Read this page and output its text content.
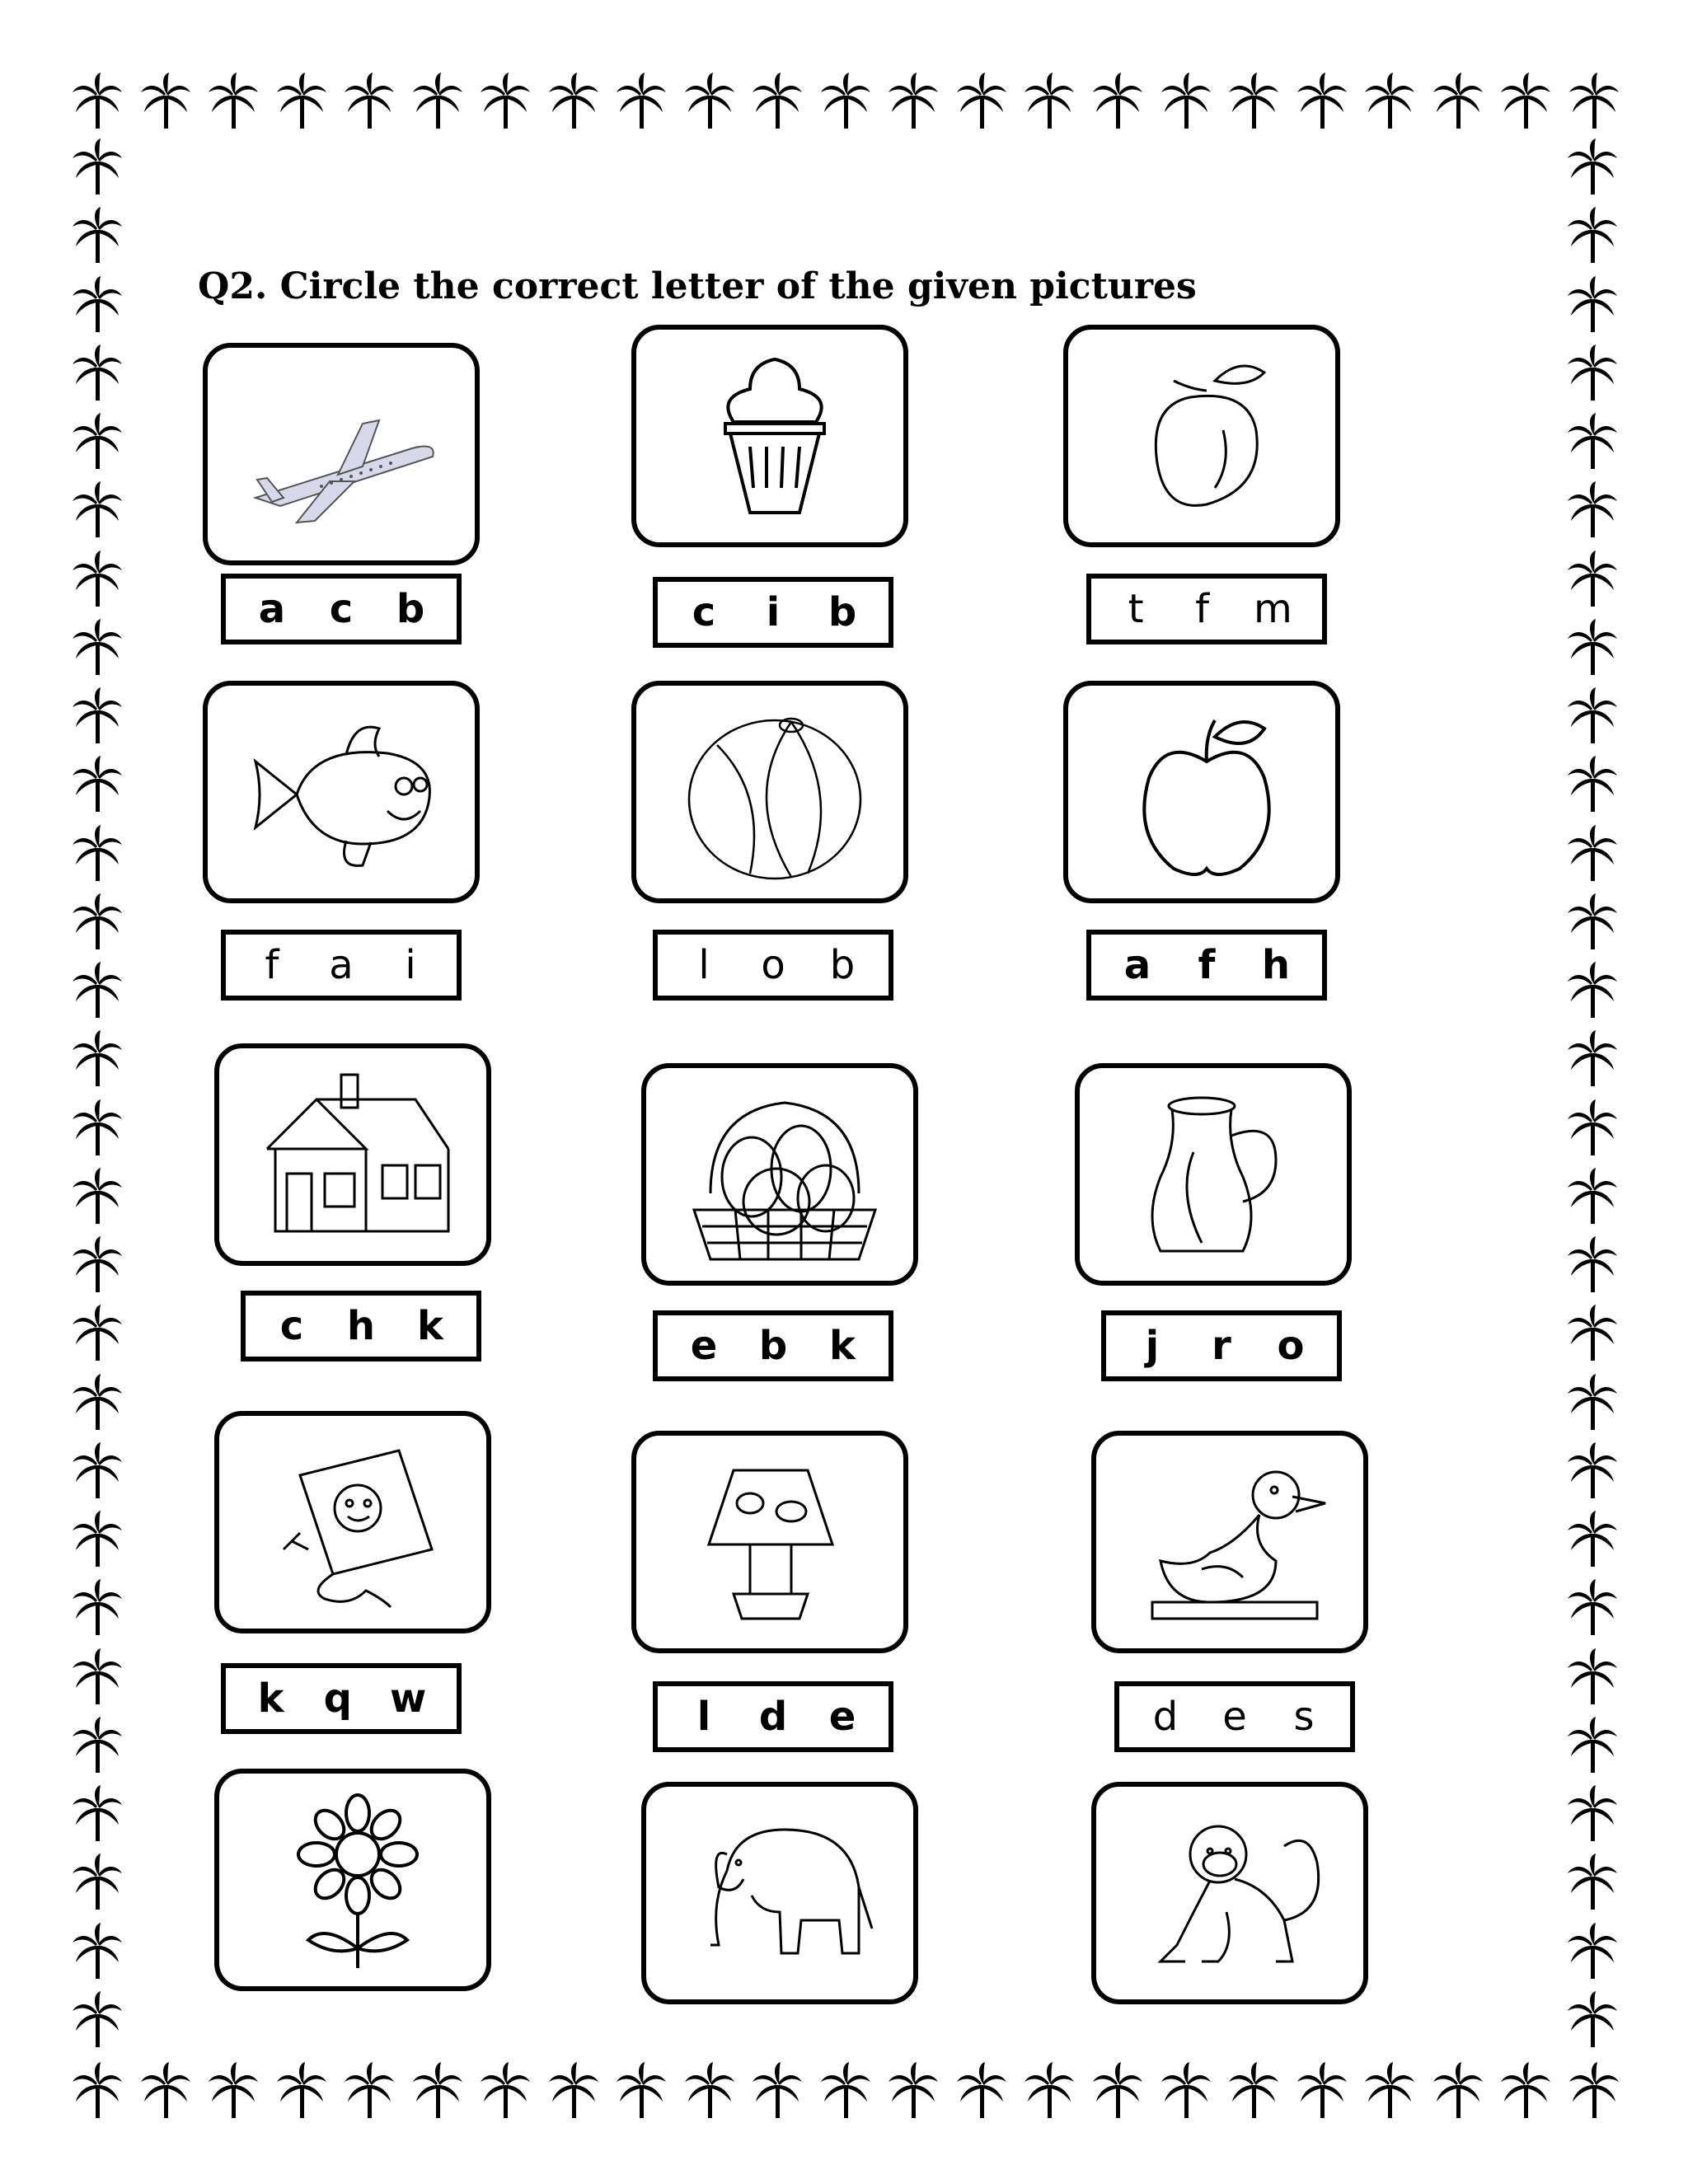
Q2. Circle the correct letter of the given pictures
a c b	c i b	t f m
f a i	l o b	a f h
c h k	e b k	j r o
k q w	l d e	d e s
